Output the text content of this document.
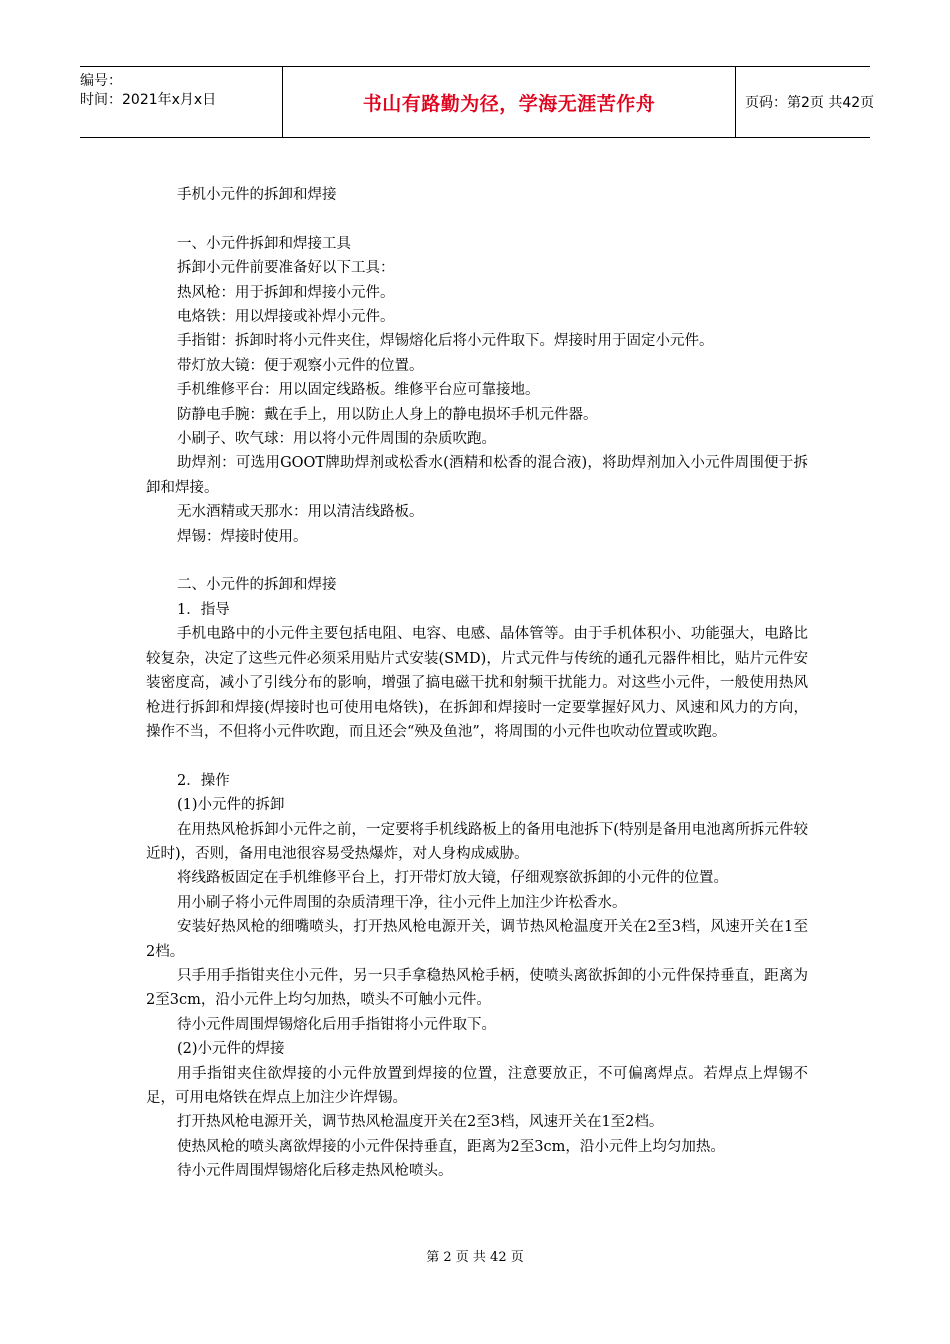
编号：
时间：2021年x月x日	书山有路勤为径，学海无涯苦作舟	页码：第2页 共42页

手机小元件的拆卸和焊接

一、小元件拆卸和焊接工具

拆卸小元件前要准备好以下工具：

热风枪：用于拆卸和焊接小元件。

电烙铁：用以焊接或补焊小元件。

手指钳：拆卸时将小元件夹住，焊锡熔化后将小元件取下。焊接时用于固定小元件。

带灯放大镜：便于观察小元件的位置。

手机维修平台：用以固定线路板。维修平台应可靠接地。

防静电手腕：戴在手上，用以防止人身上的静电损坏手机元件器。

小刷子、吹气球：用以将小元件周围的杂质吹跑。

助焊剂：可选用GOOT牌助焊剂或松香水(酒精和松香的混合液)，将助焊剂加入小元件周围便于拆卸和焊接。

无水酒精或天那水：用以清洁线路板。

焊锡：焊接时使用。

二、小元件的拆卸和焊接

1．指导

手机电路中的小元件主要包括电阻、电容、电感、晶体管等。由于手机体积小、功能强大，电路比较复杂，决定了这些元件必须采用贴片式安装(SMD)，片式元件与传统的通孔元器件相比，贴片元件安装密度高，减小了引线分布的影响，增强了搞电磁干扰和射频干扰能力。对这些小元件，一般使用热风枪进行拆卸和焊接(焊接时也可使用电烙铁)，在拆卸和焊接时一定要掌握好风力、风速和风力的方向，操作不当，不但将小元件吹跑，而且还会“殃及鱼池”，将周围的小元件也吹动位置或吹跑。

2．操作

(1)小元件的拆卸

在用热风枪拆卸小元件之前，一定要将手机线路板上的备用电池拆下(特别是备用电池离所拆元件较近时)，否则，备用电池很容易受热爆炸，对人身构成威胁。

将线路板固定在手机维修平台上，打开带灯放大镜，仔细观察欲拆卸的小元件的位置。

用小刷子将小元件周围的杂质清理干净，往小元件上加注少许松香水。

安装好热风枪的细嘴喷头，打开热风枪电源开关，调节热风枪温度开关在2至3档，风速开关在1至2档。

只手用手指钳夹住小元件，另一只手拿稳热风枪手柄，使喷头离欲拆卸的小元件保持垂直，距离为2至3cm，沿小元件上均匀加热，喷头不可触小元件。

待小元件周围焊锡熔化后用手指钳将小元件取下。

(2)小元件的焊接

用手指钳夹住欲焊接的小元件放置到焊接的位置，注意要放正，不可偏离焊点。若焊点上焊锡不足，可用电烙铁在焊点上加注少许焊锡。

打开热风枪电源开关，调节热风枪温度开关在2至3档，风速开关在1至2档。

使热风枪的喷头离欲焊接的小元件保持垂直，距离为2至3cm，沿小元件上均匀加热。

待小元件周围焊锡熔化后移走热风枪喷头。

第 2 页 共 42 页
